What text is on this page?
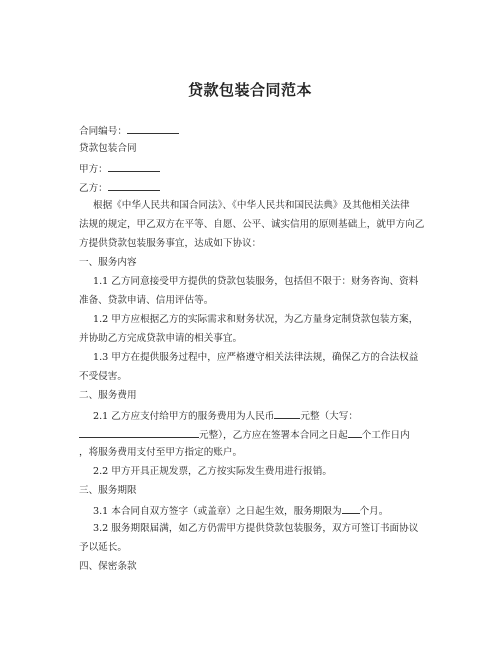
贷款包装合同范本
合同编号：
贷款包装合同
甲方：
乙方：
根据《中华人民共和国合同法》、《中华人民共和国民法典》及其他相关法律
法规的规定，甲乙双方在平等、自愿、公平、诚实信用的原则基础上，就甲方向乙
方提供贷款包装服务事宜，达成如下协议：
一、服务内容
1.1 乙方同意接受甲方提供的贷款包装服务，包括但不限于：财务咨询、资料
准备、贷款申请、信用评估等。
1.2 甲方应根据乙方的实际需求和财务状况，为乙方量身定制贷款包装方案，
并协助乙方完成贷款申请的相关事宜。
1.3 甲方在提供服务过程中，应严格遵守相关法律法规，确保乙方的合法权益
不受侵害。
二、服务费用
2.1 乙方应支付给甲方的服务费用为人民币	元整（大写：
元整），乙方应在签署本合同之日起 个工作日内
，将服务费用支付至甲方指定的账户。
2.2 甲方开具正规发票，乙方按实际发生费用进行报销。
三、服务期限
3.1 本合同自双方签字（或盖章）之日起生效，服务期限为 个月。
3.2 服务期限届满，如乙方仍需甲方提供贷款包装服务，双方可签订书面协议
予以延长。
四、保密条款
